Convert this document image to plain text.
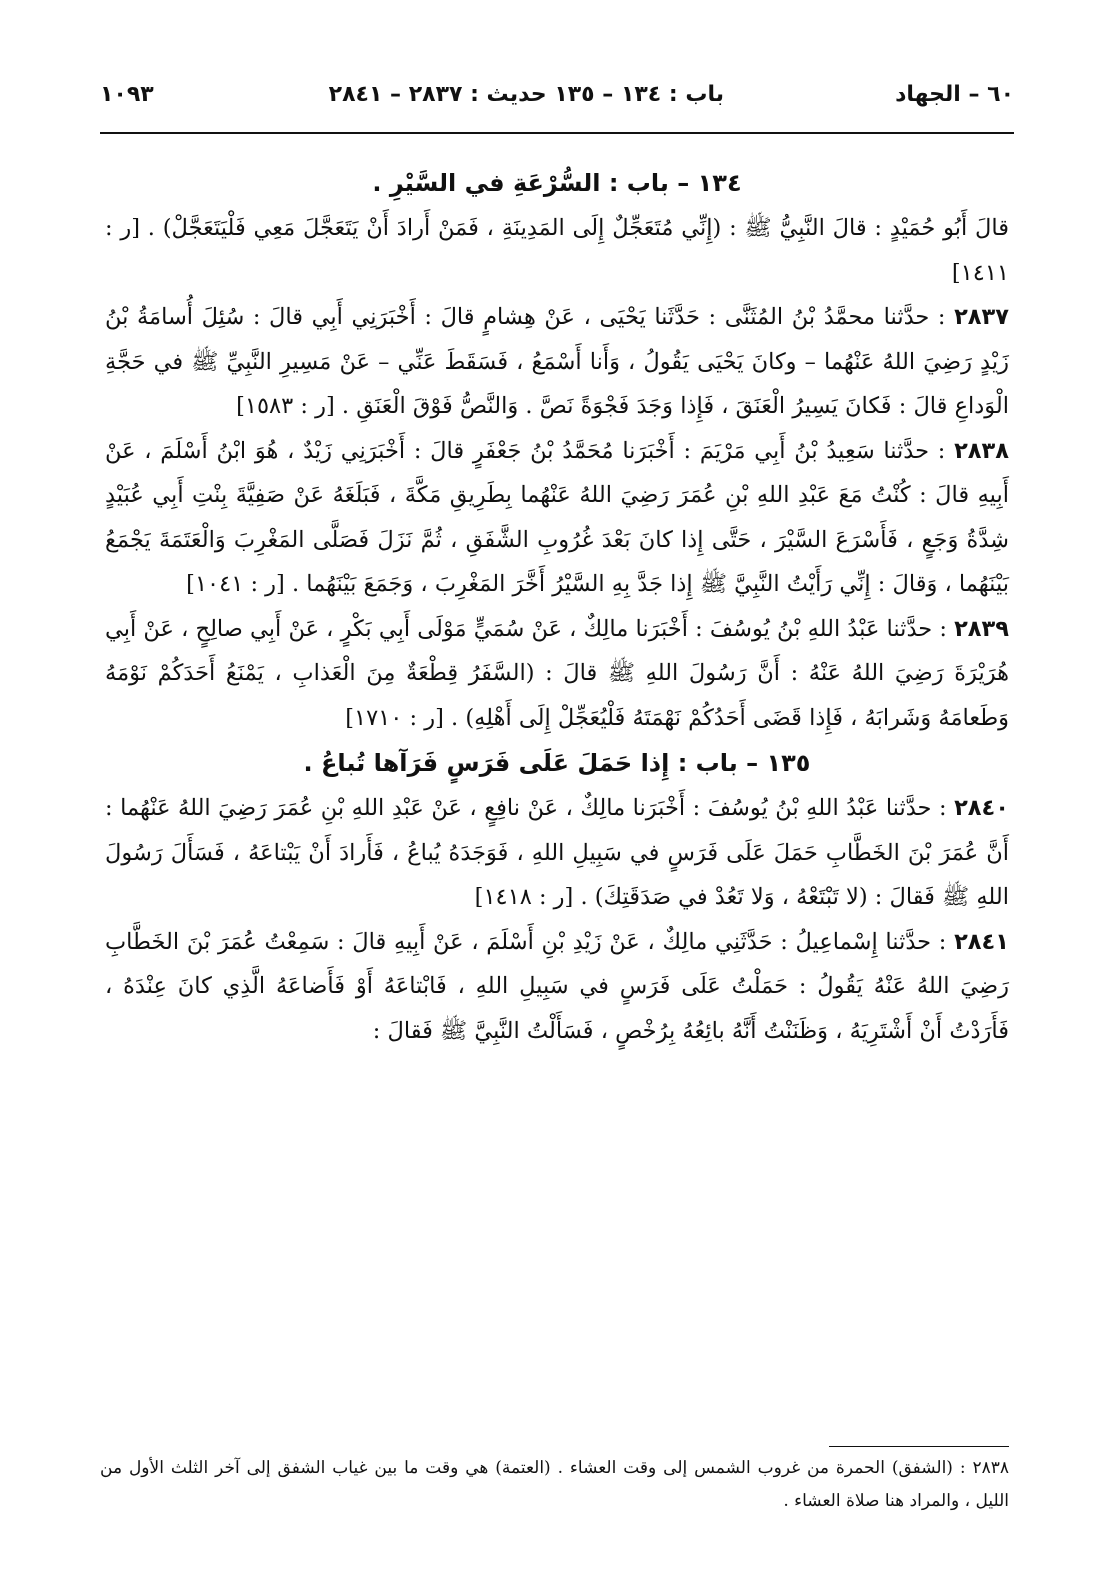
٦٠ – الجهاد
باب : ١٣٤ – ١٣٥ حديث : ٢٨٣٧ – ٢٨٤١
١٠٩٣

١٣٤ – باب : السُّرْعَةِ في السَّيْرِ .

قالَ أَبُو حُمَيْدٍ : قالَ النَّبِيُّ ﷺ : (إِنِّي مُتَعَجِّلٌ إِلَى المَدِينَةِ ، فَمَنْ أَرادَ أَنْ يَتَعَجَّلَ مَعِي فَلْيَتَعَجَّلْ) . [ر : ١٤١١]

٢٨٣٧ : حدَّثنا محمَّدُ بْنُ المُثَنَّى : حَدَّثَنا يَحْيَى ، عَنْ هِشامٍ قالَ : أَخْبَرَنِي أَبِي قالَ : سُئِلَ أُسامَةُ بْنُ زَيْدٍ رَضِيَ اللهُ عَنْهُما – وكانَ يَحْيَى يَقُولُ ، وَأَنا أَسْمَعُ ، فَسَقَطَ عَنِّي – عَنْ مَسِيرِ النَّبِيِّ ﷺ في حَجَّةِ الْوَداعِ قالَ : فَكانَ يَسِيرُ الْعَنَقَ ، فَإِذا وَجَدَ فَجْوَةً نَصَّ . وَالنَّصُّ فَوْقَ الْعَنَقِ . [ر : ١٥٨٣]

٢٨٣٨ : حدَّثنا سَعِيدُ بْنُ أَبِي مَرْيَمَ : أَخْبَرَنا مُحَمَّدُ بْنُ جَعْفَرٍ قالَ : أَخْبَرَنِي زَيْدٌ ، هُوَ ابْنُ أَسْلَمَ ، عَنْ أَبِيهِ قالَ : كُنْتُ مَعَ عَبْدِ اللهِ بْنِ عُمَرَ رَضِيَ اللهُ عَنْهُما بِطَرِيقِ مَكَّةَ ، فَبَلَغَهُ عَنْ صَفِيَّةَ بِنْتِ أَبِي عُبَيْدٍ شِدَّةُ وَجَعٍ ، فَأَسْرَعَ السَّيْرَ ، حَتَّى إِذا كانَ بَعْدَ غُرُوبِ الشَّفَقِ ، ثُمَّ نَزَلَ فَصَلَّى المَغْرِبَ وَالْعَتَمَةَ يَجْمَعُ بَيْنَهُما ، وَقالَ : إِنِّي رَأَيْتُ النَّبِيَّ ﷺ إِذا جَدَّ بِهِ السَّيْرُ أَخَّرَ المَغْرِبَ ، وَجَمَعَ بَيْنَهُما . [ر : ١٠٤١]

٢٨٣٩ : حدَّثنا عَبْدُ اللهِ بْنُ يُوسُفَ : أَخْبَرَنا مالِكٌ ، عَنْ سُمَيٍّ مَوْلَى أَبِي بَكْرٍ ، عَنْ أَبِي صالِحٍ ، عَنْ أَبِي هُرَيْرَةَ رَضِيَ اللهُ عَنْهُ : أَنَّ رَسُولَ اللهِ ﷺ قالَ : (السَّفَرُ قِطْعَةٌ مِنَ الْعَذابِ ، يَمْنَعُ أَحَدَكُمْ نَوْمَهُ وَطَعامَهُ وَشَرابَهُ ، فَإِذا قَضَى أَحَدُكُمْ نَهْمَتَهُ فَلْيُعَجِّلْ إِلَى أَهْلِهِ) . [ر : ١٧١٠]

١٣٥ – باب : إِذا حَمَلَ عَلَى فَرَسٍ فَرَآها تُباعُ .

٢٨٤٠ : حدَّثنا عَبْدُ اللهِ بْنُ يُوسُفَ : أَخْبَرَنا مالِكٌ ، عَنْ نافِعٍ ، عَنْ عَبْدِ اللهِ بْنِ عُمَرَ رَضِيَ اللهُ عَنْهُما : أَنَّ عُمَرَ بْنَ الخَطَّابِ حَمَلَ عَلَى فَرَسٍ في سَبِيلِ اللهِ ، فَوَجَدَهُ يُباعُ ، فَأَرادَ أَنْ يَبْتاعَهُ ، فَسَأَلَ رَسُولَ اللهِ ﷺ فَقالَ : (لا تَبْتَعْهُ ، وَلا تَعُدْ في صَدَقَتِكَ) . [ر : ١٤١٨]

٢٨٤١ : حدَّثنا إِسْماعِيلُ : حَدَّثَنِي مالِكٌ ، عَنْ زَيْدِ بْنِ أَسْلَمَ ، عَنْ أَبِيهِ قالَ : سَمِعْتُ عُمَرَ بْنَ الخَطَّابِ رَضِيَ اللهُ عَنْهُ يَقُولُ : حَمَلْتُ عَلَى فَرَسٍ في سَبِيلِ اللهِ ، فَابْتاعَهُ أَوْ فَأَضاعَهُ الَّذِي كانَ عِنْدَهُ ، فَأَرَدْتُ أَنْ أَشْتَرِيَهُ ، وَظَنَنْتُ أَنَّهُ بائِعُهُ بِرُخْصٍ ، فَسَأَلْتُ النَّبِيَّ ﷺ فَقالَ :

٢٨٣٨ : (الشفق) الحمرة من غروب الشمس إلى وقت العشاء . (العتمة) هي وقت ما بين غياب الشفق إلى آخر الثلث الأول من الليل ، والمراد هنا صلاة العشاء .
